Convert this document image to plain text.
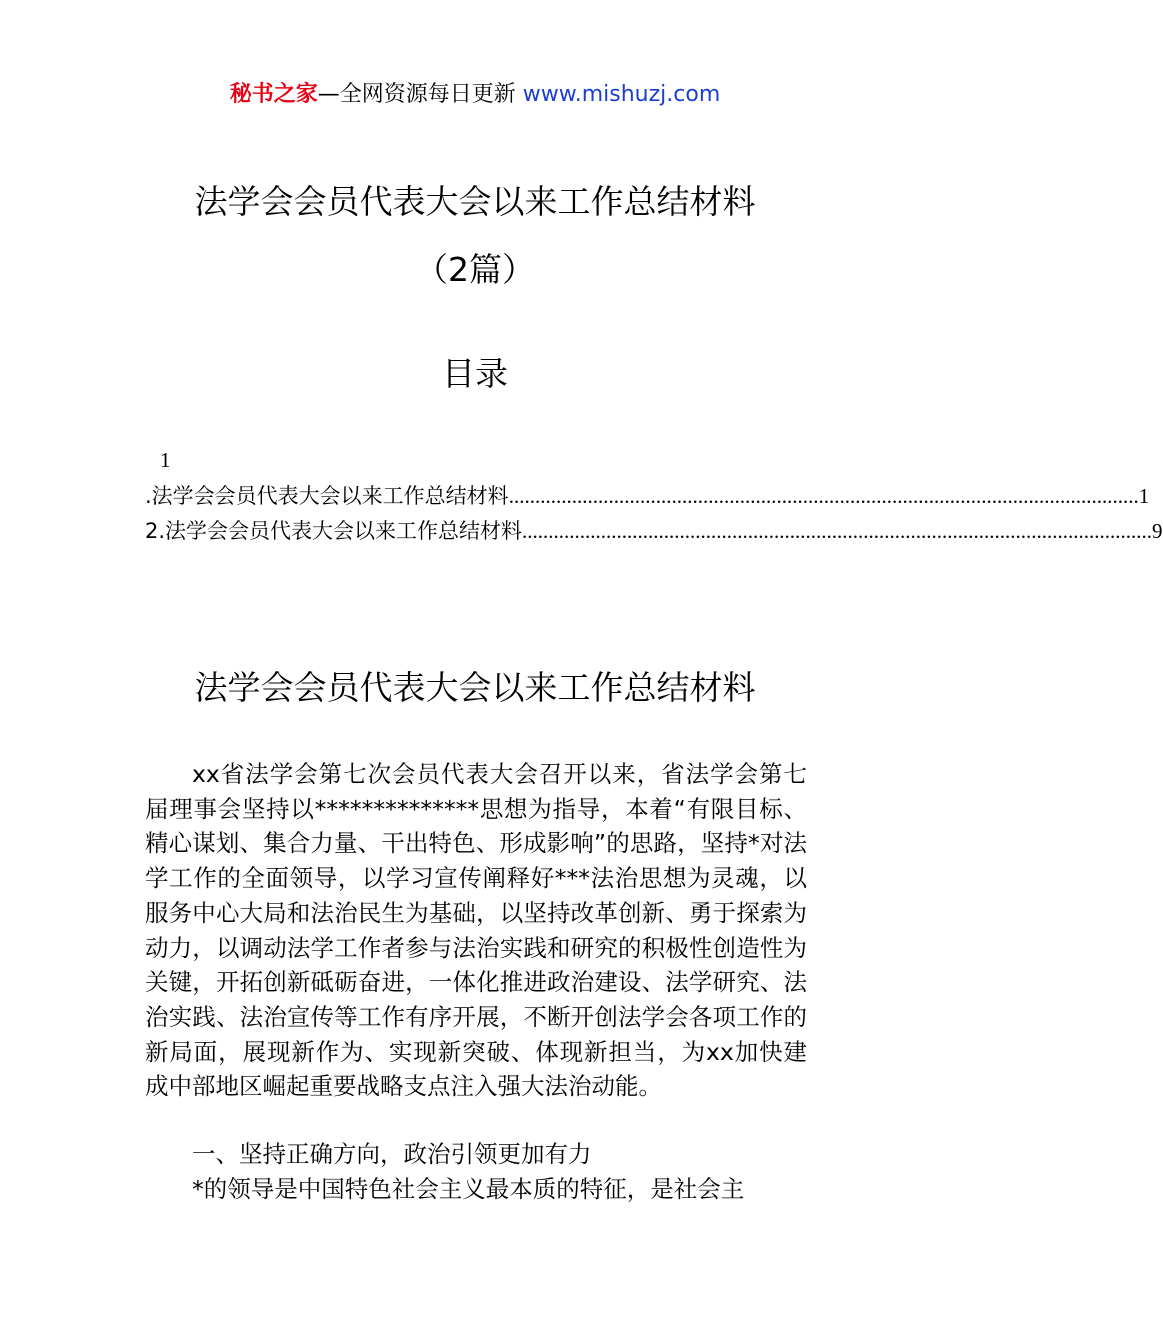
秘书之家—全网资源每日更新 www.mishuzj.com
法学会会员代表大会以来工作总结材料
（2篇）
目录
1
.法学会会员代表大会以来工作总结材料 ........................................................................................................................ 1
2.法学会会员代表大会以来工作总结材料 ........................................................................................................................ 9
法学会会员代表大会以来工作总结材料
xx省法学会第七次会员代表大会召开以来，省法学会第七届理事会坚持以**************思想为指导，本着“有限目标、精心谋划、集合力量、干出特色、形成影响”的思路，坚持*对法学工作的全面领导，以学习宣传阐释好***法治思想为灵魂，以服务中心大局和法治民生为基础，以坚持改革创新、勇于探索为动力，以调动法学工作者参与法治实践和研究的积极性创造性为关键，开拓创新砥砺奋进，一体化推进政治建设、法学研究、法治实践、法治宣传等工作有序开展，不断开创法学会各项工作的新局面，展现新作为、实现新突破、体现新担当，为xx加快建成中部地区崛起重要战略支点注入强大法治动能。
一、坚持正确方向，政治引领更加有力
*的领导是中国特色社会主义最本质的特征，是社会主
